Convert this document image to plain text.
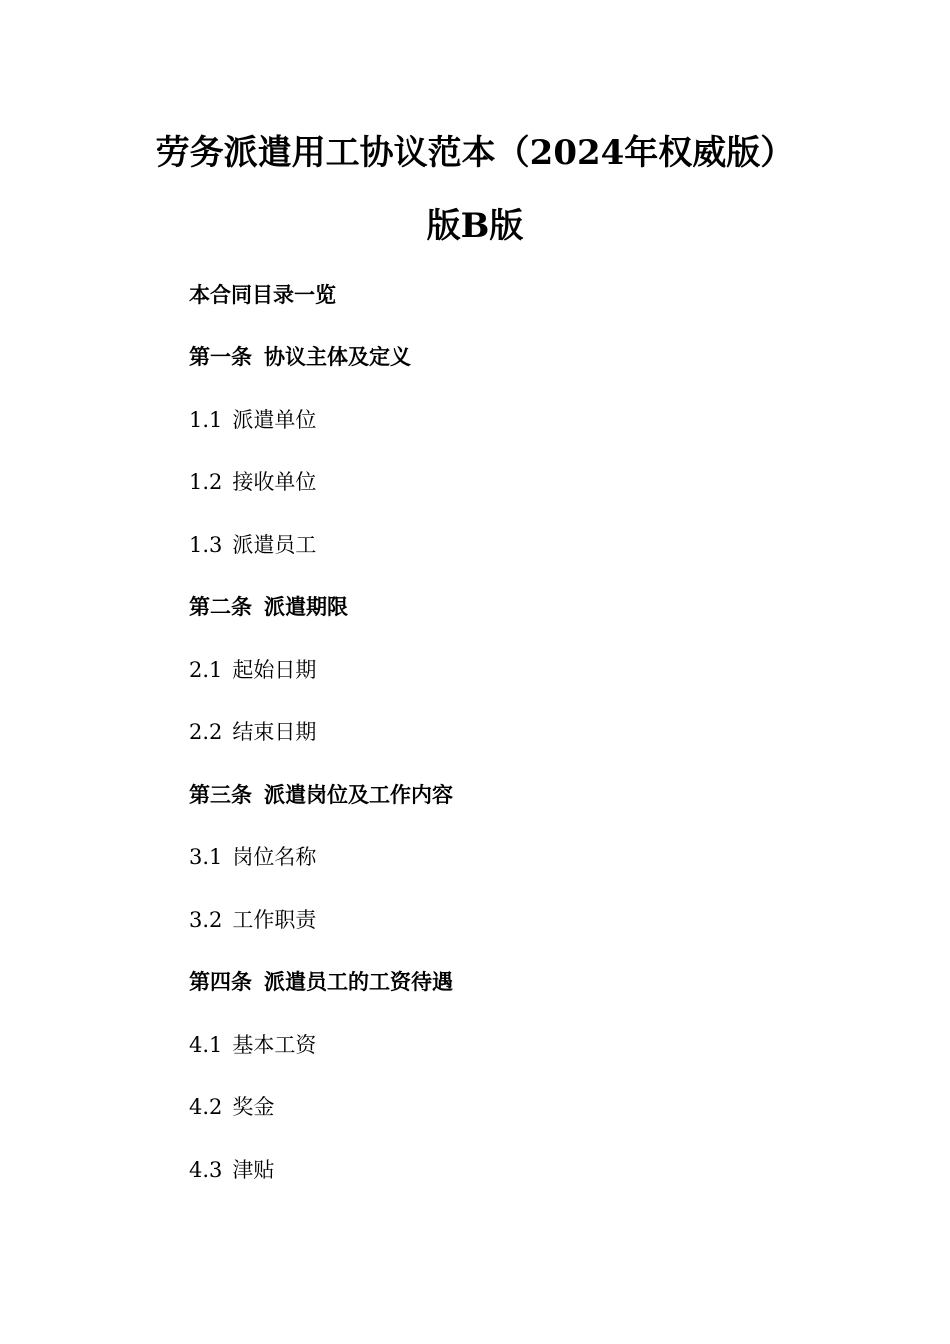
劳务派遣用工协议范本（2024年权威版）
版B版
本合同目录一览
第一条 协议主体及定义
1.1 派遣单位
1.2 接收单位
1.3 派遣员工
第二条 派遣期限
2.1 起始日期
2.2 结束日期
第三条 派遣岗位及工作内容
3.1 岗位名称
3.2 工作职责
第四条 派遣员工的工资待遇
4.1 基本工资
4.2 奖金
4.3 津贴
